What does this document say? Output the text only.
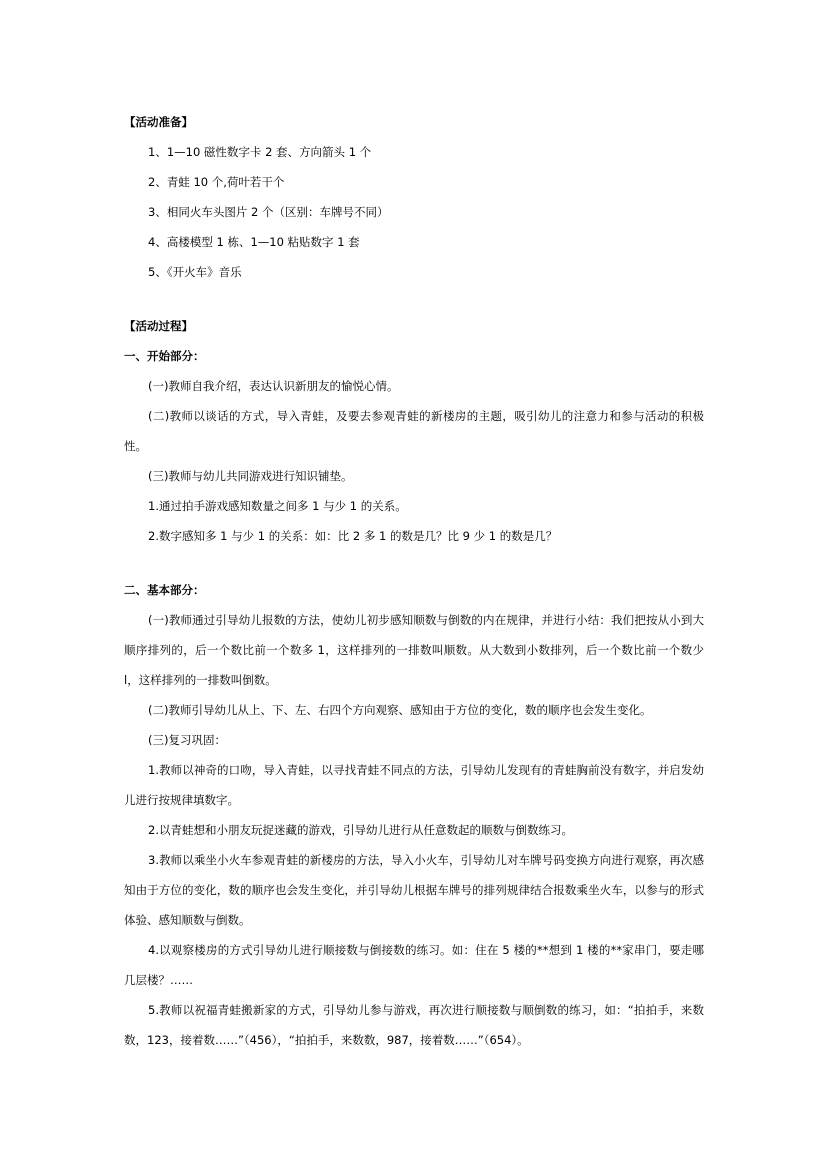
【活动准备】

1、1—10 磁性数字卡 2 套、方向箭头 1 个

2、青蛙 10 个,荷叶若干个

3、相同火车头图片 2 个（区别：车牌号不同）

4、高楼模型 1 栋、1—10 粘贴数字 1 套

5、《开火车》音乐

【活动过程】

一、开始部分：

(一)教师自我介绍，表达认识新朋友的愉悦心情。

(二)教师以谈话的方式，导入青蛙，及要去参观青蛙的新楼房的主题，吸引幼儿的注意力和参与活动的积极性。

(三)教师与幼儿共同游戏进行知识铺垫。

1.通过拍手游戏感知数量之间多 1 与少 1 的关系。

2.数字感知多 1 与少 1 的关系：如：比 2 多 1 的数是几？比 9 少 1 的数是几？

二、基本部分：

(一)教师通过引导幼儿报数的方法，使幼儿初步感知顺数与倒数的内在规律，并进行小结：我们把按从小到大顺序排列的，后一个数比前一个数多 1，这样排列的一排数叫顺数。从大数到小数排列，后一个数比前一个数少 l，这样排列的一排数叫倒数。

(二)教师引导幼儿从上、下、左、右四个方向观察、感知由于方位的变化，数的顺序也会发生变化。

(三)复习巩固：

1.教师以神奇的口吻，导入青蛙，以寻找青蛙不同点的方法，引导幼儿发现有的青蛙胸前没有数字，并启发幼儿进行按规律填数字。

2.以青蛙想和小朋友玩捉迷藏的游戏，引导幼儿进行从任意数起的顺数与倒数练习。

3.教师以乘坐小火车参观青蛙的新楼房的方法，导入小火车，引导幼儿对车牌号码变换方向进行观察，再次感知由于方位的变化，数的顺序也会发生变化，并引导幼儿根据车牌号的排列规律结合报数乘坐火车，以参与的形式体验、感知顺数与倒数。

4.以观察楼房的方式引导幼儿进行顺接数与倒接数的练习。如：住在 5 楼的**想到 1 楼的**家串门，要走哪几层楼？……

5.教师以祝福青蛙搬新家的方式，引导幼儿参与游戏，再次进行顺接数与顺倒数的练习，如：“拍拍手，来数数，123，接着数……”（456），“拍拍手，来数数，987，接着数……”（654）。
